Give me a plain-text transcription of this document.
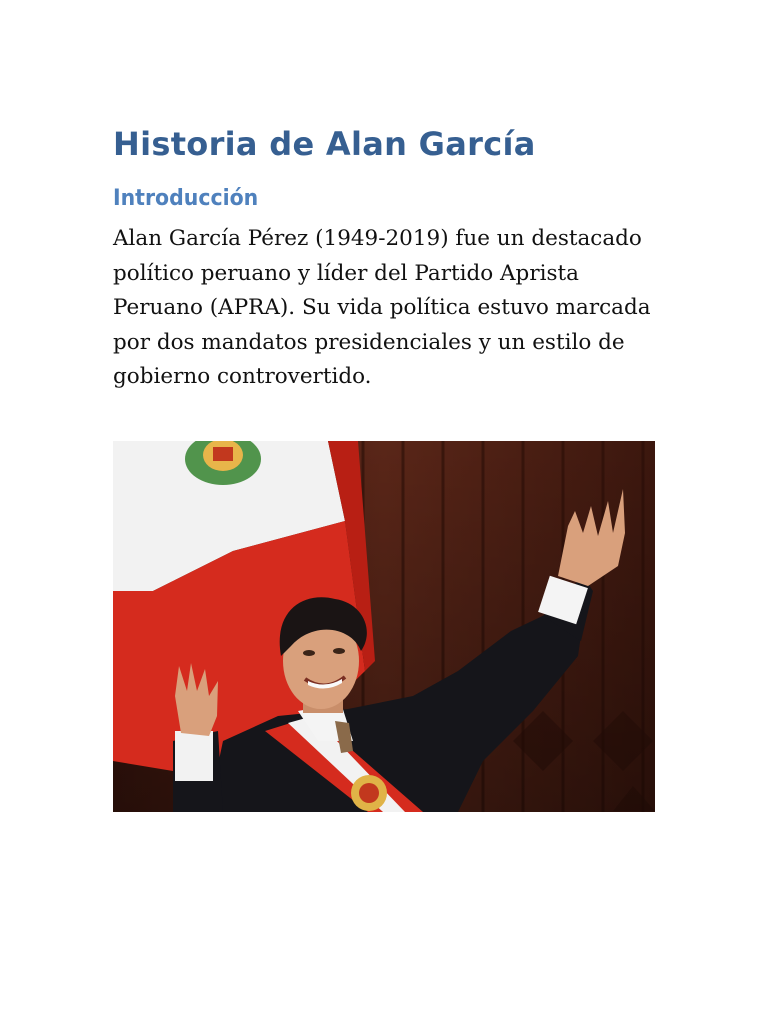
Historia de Alan García
Introducción

Alan García Pérez (1949-2019) fue un destacado político peruano y líder del Partido Aprista Peruano (APRA). Su vida política estuvo marcada por dos mandatos presidenciales y un estilo de gobierno controvertido.
